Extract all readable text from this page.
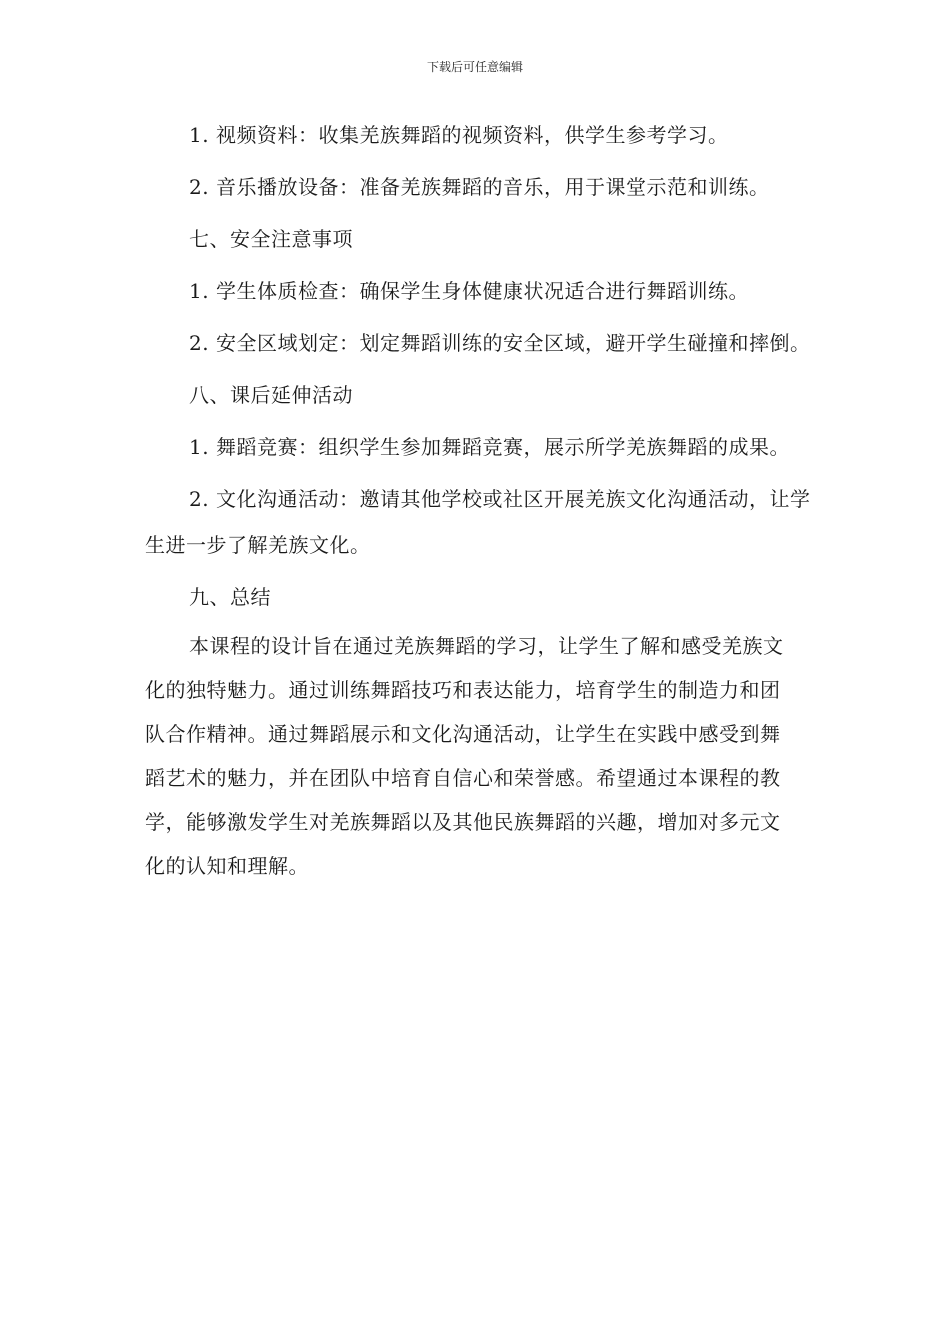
下载后可任意编辑

1. 视频资料：收集羌族舞蹈的视频资料，供学生参考学习。

2. 音乐播放设备：准备羌族舞蹈的音乐，用于课堂示范和训练。

七、安全注意事项

1. 学生体质检查：确保学生身体健康状况适合进行舞蹈训练。

2. 安全区域划定：划定舞蹈训练的安全区域，避开学生碰撞和摔倒。

八、课后延伸活动

1. 舞蹈竞赛：组织学生参加舞蹈竞赛，展示所学羌族舞蹈的成果。

2. 文化沟通活动：邀请其他学校或社区开展羌族文化沟通活动，让学生进一步了解羌族文化。

九、总结

本课程的设计旨在通过羌族舞蹈的学习，让学生了解和感受羌族文化的独特魅力。通过训练舞蹈技巧和表达能力，培育学生的制造力和团队合作精神。通过舞蹈展示和文化沟通活动，让学生在实践中感受到舞蹈艺术的魅力，并在团队中培育自信心和荣誉感。希望通过本课程的教学，能够激发学生对羌族舞蹈以及其他民族舞蹈的兴趣，增加对多元文化的认知和理解。
